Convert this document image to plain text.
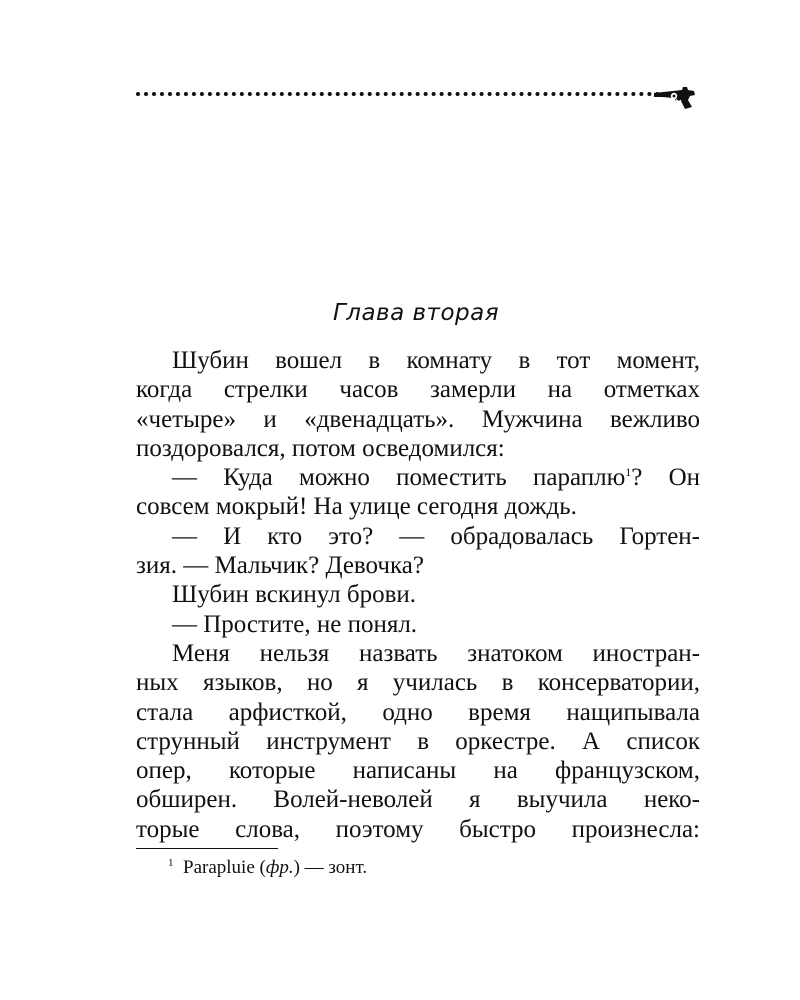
Глава вторая
Шубин вошел в комнату в тот момент,
когда стрелки часов замерли на отметках
«четыре» и «двенадцать». Мужчина вежливо
поздоровался, потом осведомился:
— Куда можно поместить параплю$^1$? Он
совсем мокрый! На улице сегодня дождь.
— И кто это? — обрадовалась Гортен-
зия. — Мальчик? Девочка?
Шубин вскинул брови.
— Простите, не понял.
Меня нельзя назвать знатоком иностран-
ных языков, но я училась в консерватории,
стала арфисткой, одно время нащипывала
струнный инструмент в оркестре. А список
опер, которые написаны на французском,
обширен. Волей-неволей я выучила неко-
торые слова, поэтому быстро произнесла:
$^1$ Parapluie (фр.) — зонт.
